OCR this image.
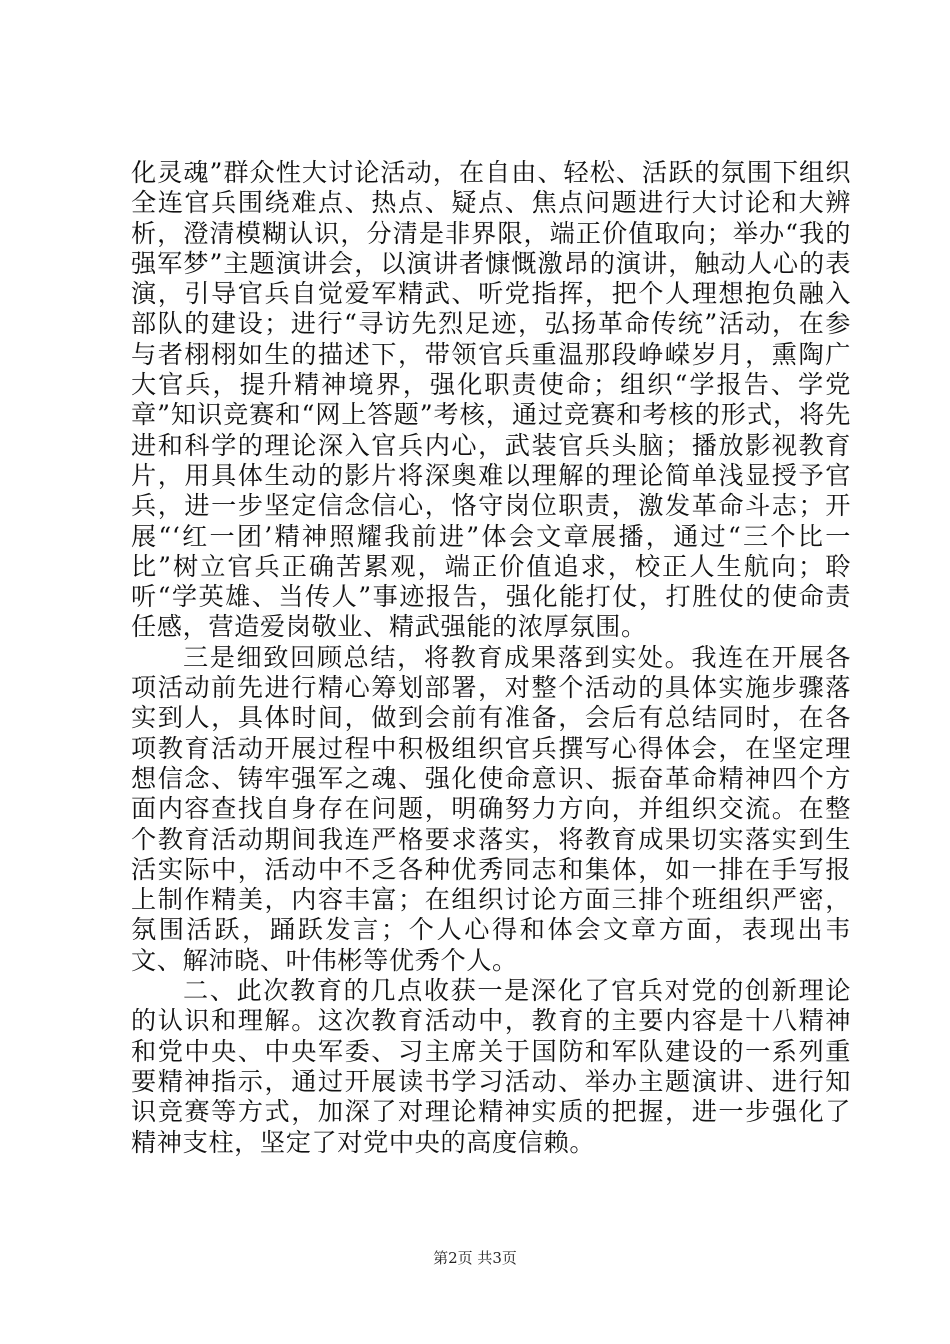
化灵魂”群众性大讨论活动，在自由、轻松、活跃的氛围下组织全连官兵围绕难点、热点、疑点、焦点问题进行大讨论和大辨析，澄清模糊认识，分清是非界限，端正价值取向；举办“我的强军梦”主题演讲会，以演讲者慷慨激昂的演讲，触动人心的表演，引导官兵自觉爱军精武、听党指挥，把个人理想抱负融入部队的建设；进行“寻访先烈足迹，弘扬革命传统”活动，在参与者栩栩如生的描述下，带领官兵重温那段峥嵘岁月，熏陶广大官兵，提升精神境界，强化职责使命；组织“学报告、学党章”知识竞赛和“网上答题”考核，通过竞赛和考核的形式，将先进和科学的理论深入官兵内心，武装官兵头脑；播放影视教育片，用具体生动的影片将深奥难以理解的理论简单浅显授予官兵，进一步坚定信念信心，恪守岗位职责，激发革命斗志；开展“‘红一团’精神照耀我前进”体会文章展播，通过“三个比一比”树立官兵正确苦累观，端正价值追求，校正人生航向；聆听“学英雄、当传人”事迹报告，强化能打仗，打胜仗的使命责任感，营造爱岗敬业、精武强能的浓厚氛围。

三是细致回顾总结，将教育成果落到实处。我连在开展各项活动前先进行精心筹划部署，对整个活动的具体实施步骤落实到人，具体时间，做到会前有准备，会后有总结同时，在各项教育活动开展过程中积极组织官兵撰写心得体会，在坚定理想信念、铸牢强军之魂、强化使命意识、振奋革命精神四个方面内容查找自身存在问题，明确努力方向，并组织交流。在整个教育活动期间我连严格要求落实，将教育成果切实落实到生活实际中，活动中不乏各种优秀同志和集体，如一排在手写报上制作精美，内容丰富；在组织讨论方面三排个班组织严密，氛围活跃，踊跃发言；个人心得和体会文章方面，表现出韦文、解沛晓、叶伟彬等优秀个人。

二、此次教育的几点收获一是深化了官兵对党的创新理论的认识和理解。这次教育活动中，教育的主要内容是十八精神和党中央、中央军委、习主席关于国防和军队建设的一系列重要精神指示，通过开展读书学习活动、举办主题演讲、进行知识竞赛等方式，加深了对理论精神实质的把握，进一步强化了精神支柱，坚定了对党中央的高度信赖。

第2页 共3页
